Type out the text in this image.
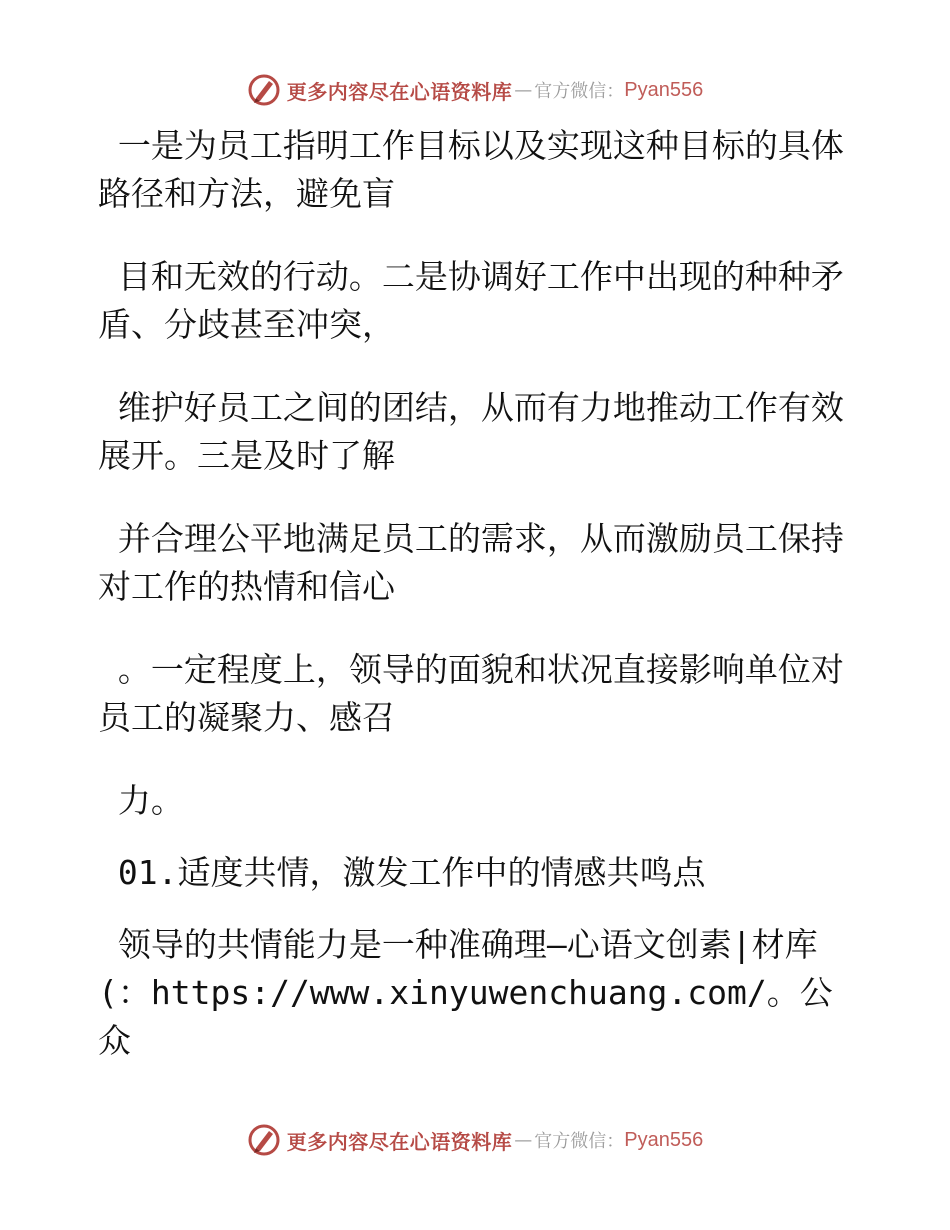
更多内容尽在心语资料库 — 官方微信： Pyan556

一是为员工指明工作目标以及实现这种目标的具体路径和方法，避免盲

目和无效的行动。二是协调好工作中出现的种种矛盾、分歧甚至冲突，

维护好员工之间的团结，从而有力地推动工作有效展开。三是及时了解

并合理公平地满足员工的需求，从而激励员工保持对工作的热情和信心

。一定程度上，领导的面貌和状况直接影响单位对员工的凝聚力、感召

力。

01.适度共情，激发工作中的情感共鸣点

领导的共情能力是一种准确理—心语文创素|材库(：https://www.xinyuwenchuang.com/。公众

更多内容尽在心语资料库 — 官方微信： Pyan556
